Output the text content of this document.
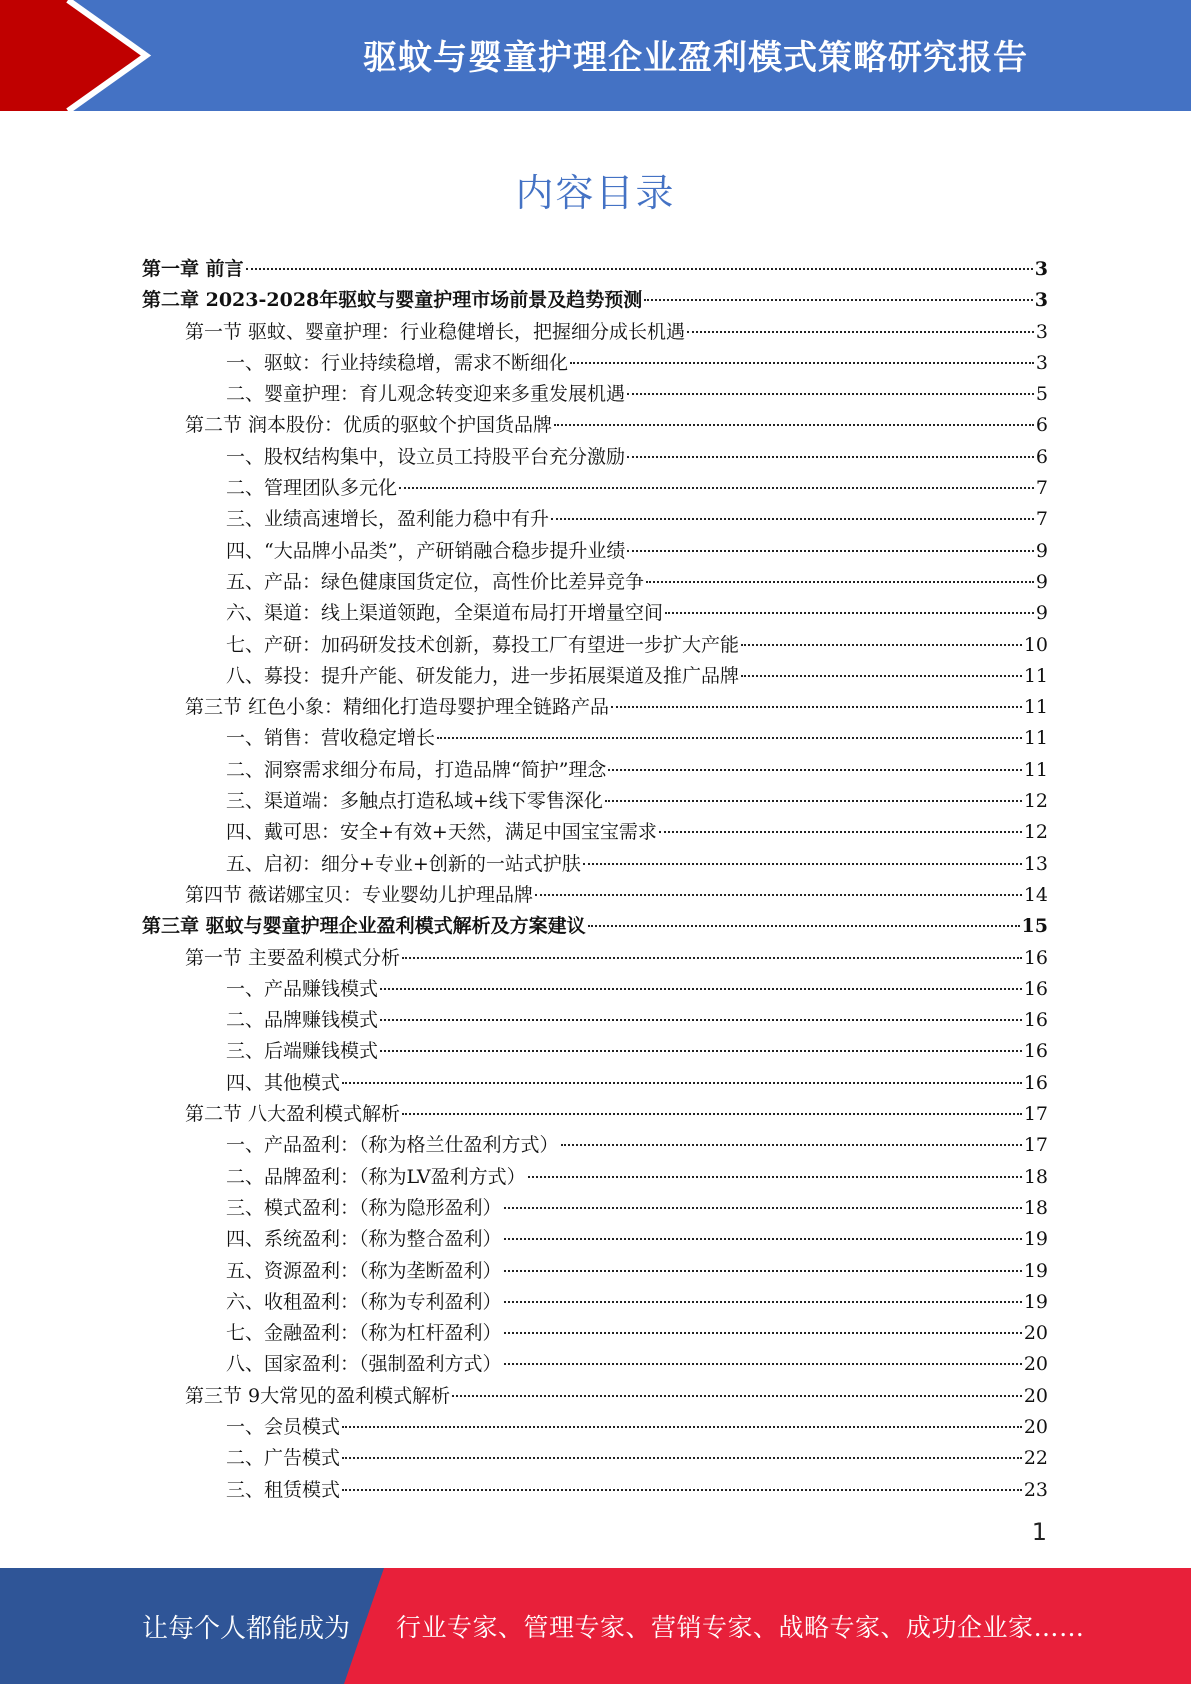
驱蚊与婴童护理企业盈利模式策略研究报告
内容目录
第一章 前言	3
第二章 2023-2028年驱蚊与婴童护理市场前景及趋势预测	3
第一节 驱蚊、婴童护理：行业稳健增长，把握细分成长机遇	3
一、驱蚊：行业持续稳增，需求不断细化	3
二、婴童护理：育儿观念转变迎来多重发展机遇	5
第二节 润本股份：优质的驱蚊个护国货品牌	6
一、股权结构集中，设立员工持股平台充分激励	6
二、管理团队多元化	7
三、业绩高速增长，盈利能力稳中有升	7
四、“大品牌小品类”，产研销融合稳步提升业绩	9
五、产品：绿色健康国货定位，高性价比差异竞争	9
六、渠道：线上渠道领跑，全渠道布局打开增量空间	9
七、产研：加码研发技术创新，募投工厂有望进一步扩大产能	10
八、募投：提升产能、研发能力，进一步拓展渠道及推广品牌	11
第三节 红色小象：精细化打造母婴护理全链路产品	11
一、销售：营收稳定增长	11
二、洞察需求细分布局，打造品牌“简护”理念	11
三、渠道端：多触点打造私域+线下零售深化	12
四、戴可思：安全+有效+天然，满足中国宝宝需求	12
五、启初：细分+专业+创新的一站式护肤	13
第四节 薇诺娜宝贝：专业婴幼儿护理品牌	14
第三章 驱蚊与婴童护理企业盈利模式解析及方案建议	15
第一节 主要盈利模式分析	16
一、产品赚钱模式	16
二、品牌赚钱模式	16
三、后端赚钱模式	16
四、其他模式	16
第二节 八大盈利模式解析	17
一、产品盈利：（称为格兰仕盈利方式）	17
二、品牌盈利：（称为LV盈利方式）	18
三、模式盈利：（称为隐形盈利）	18
四、系统盈利：（称为整合盈利）	19
五、资源盈利：（称为垄断盈利）	19
六、收租盈利：（称为专利盈利）	19
七、金融盈利：（称为杠杆盈利）	20
八、国家盈利：（强制盈利方式）	20
第三节 9大常见的盈利模式解析	20
一、会员模式	20
二、广告模式	22
三、租赁模式	23
1
让每个人都能成为 行业专家、管理专家、营销专家、战略专家、成功企业家……
